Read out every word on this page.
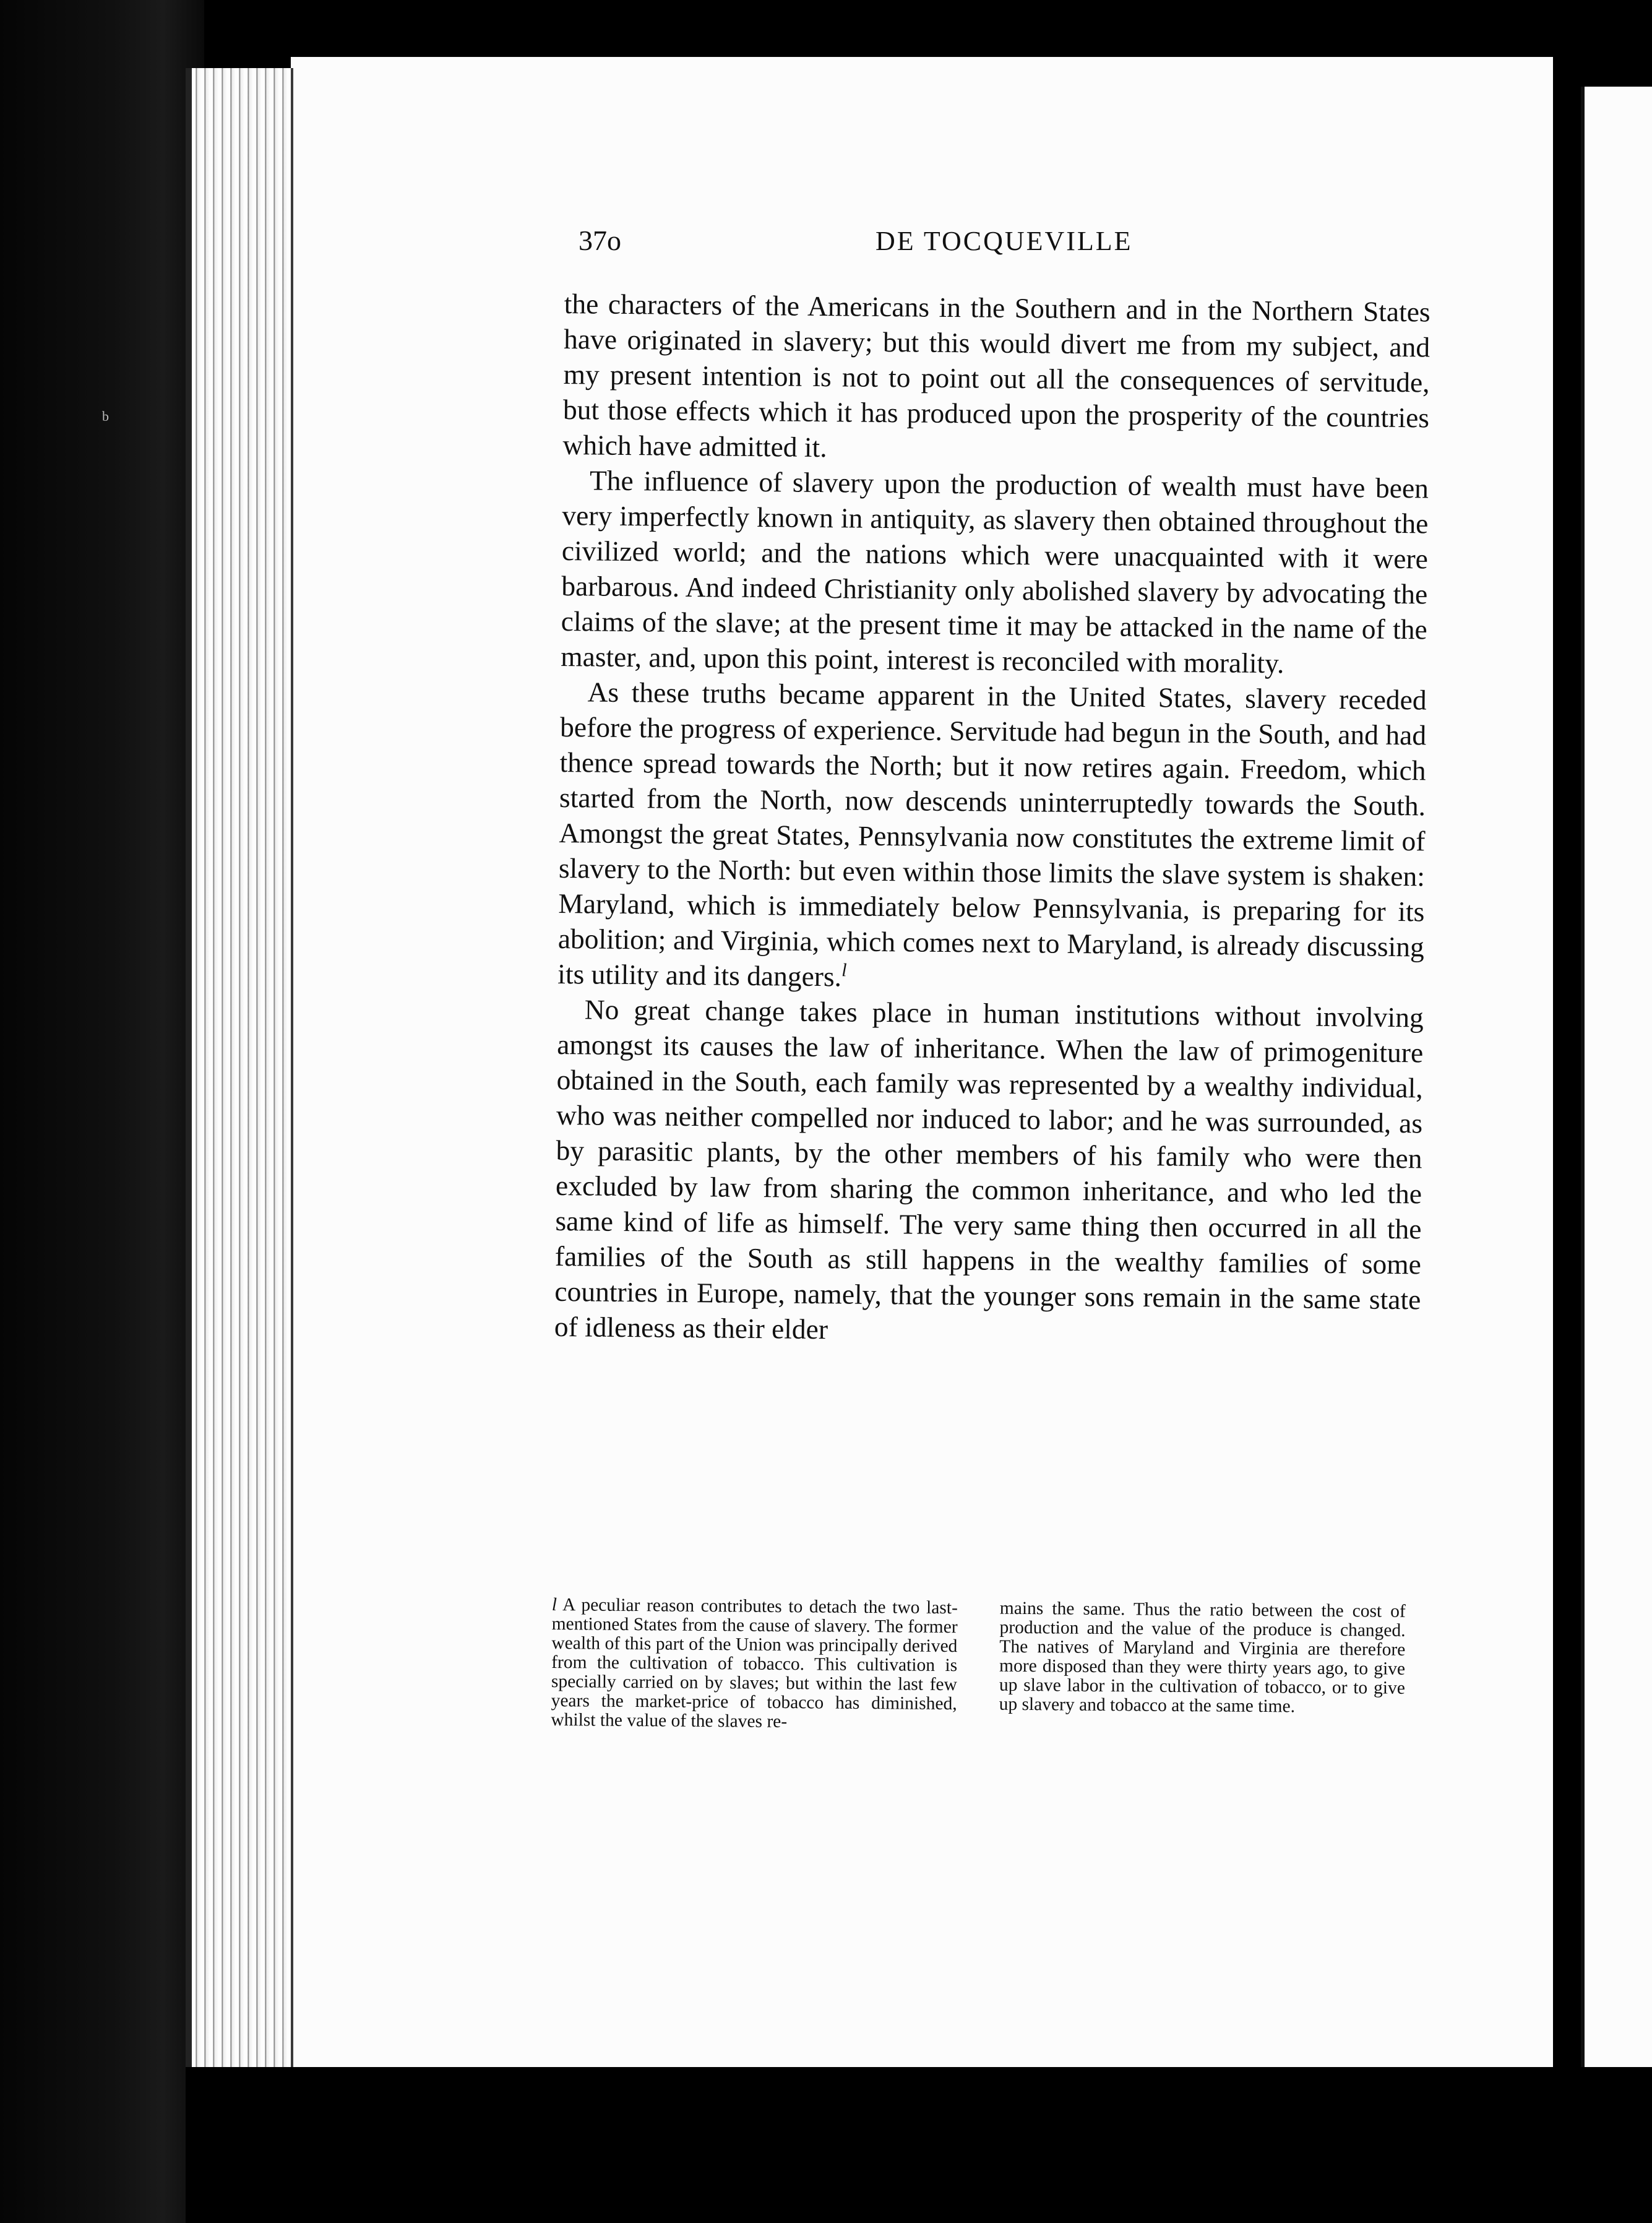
b
37o	DE TOCQUEVILLE

the characters of the Americans in the Southern and in the Northern States have originated in slavery; but this would divert me from my subject, and my present intention is not to point out all the consequences of servitude, but those effects which it has produced upon the prosperity of the countries which have admitted it.

The influence of slavery upon the production of wealth must have been very imperfectly known in antiquity, as slavery then obtained throughout the civilized world; and the nations which were unacquainted with it were barbarous. And indeed Christianity only abolished slavery by advocating the claims of the slave; at the present time it may be attacked in the name of the master, and, upon this point, interest is reconciled with morality.

As these truths became apparent in the United States, slavery receded before the progress of experience. Servitude had begun in the South, and had thence spread towards the North; but it now retires again. Freedom, which started from the North, now descends uninterruptedly towards the South. Amongst the great States, Pennsylvania now constitutes the extreme limit of slavery to the North: but even within those limits the slave system is shaken: Maryland, which is immediately below Pennsylvania, is preparing for its abolition; and Virginia, which comes next to Maryland, is already discussing its utility and its dangers.$^l$

No great change takes place in human institutions without involving amongst its causes the law of inheritance. When the law of primogeniture obtained in the South, each family was represented by a wealthy individual, who was neither compelled nor induced to labor; and he was surrounded, as by parasitic plants, by the other members of his family who were then excluded by law from sharing the common inheritance, and who led the same kind of life as himself. The very same thing then occurred in all the families of the South as still happens in the wealthy families of some countries in Europe, namely, that the younger sons remain in the same state of idleness as their elder

l A peculiar reason contributes to detach the two last-mentioned States from the cause of slavery. The former wealth of this part of the Union was principally derived from the cultivation of tobacco. This cultivation is specially carried on by slaves; but within the last few years the market-price of tobacco has diminished, whilst the value of the slaves re-
mains the same. Thus the ratio between the cost of production and the value of the produce is changed. The natives of Maryland and Virginia are therefore more disposed than they were thirty years ago, to give up slave labor in the cultivation of tobacco, or to give up slavery and tobacco at the same time.
